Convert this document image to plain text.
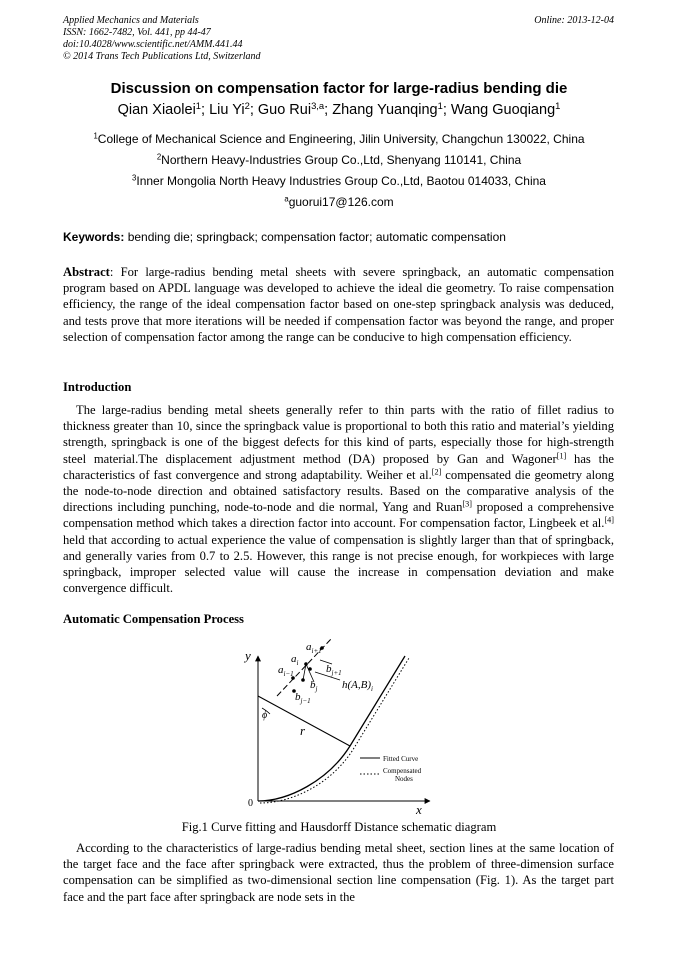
Applied Mechanics and Materials
ISSN: 1662-7482, Vol. 441, pp 44-47
doi:10.4028/www.scientific.net/AMM.441.44
© 2014 Trans Tech Publications Ltd, Switzerland
Online: 2013-12-04
Discussion on compensation factor for large-radius bending die
Qian Xiaolei$^1$; Liu Yi$^2$; Guo Rui$^{3,a}$; Zhang Yuanqing$^1$; Wang Guoqiang$^1$
$^1$College of Mechanical Science and Engineering, Jilin University, Changchun 130022, China
$^2$Northern Heavy-Industries Group Co.,Ltd, Shenyang 110141, China
$^3$Inner Mongolia North Heavy Industries Group Co.,Ltd, Baotou 014033, China
$^a$guorui17@126.com
Keywords: bending die; springback; compensation factor; automatic compensation
Abstract: For large-radius bending metal sheets with severe springback, an automatic compensation program based on APDL language was developed to achieve the ideal die geometry. To raise compensation efficiency, the range of the ideal compensation factor based on one-step springback analysis was deduced, and tests prove that more iterations will be needed if compensation factor was beyond the range, and proper selection of compensation factor among the range can be conducive to high compensation efficiency.
Introduction
The large-radius bending metal sheets generally refer to thin parts with the ratio of fillet radius to thickness greater than 10, since the springback value is proportional to both this ratio and material’s yielding strength, springback is one of the biggest defects for this kind of parts, especially those for high-strength steel material.The displacement adjustment method (DA) proposed by Gan and Wagoner[1] has the characteristics of fast convergence and strong adaptability. Weiher et al.[2] compensated die geometry along the node-to-node direction and obtained satisfactory results. Based on the comparative analysis of the directions including punching, node-to-node and die normal, Yang and Ruan[3] proposed a comprehensive compensation method which takes a direction factor into account. For compensation factor, Lingbeek et al.[4] held that according to actual experience the value of compensation is slightly larger than that of springback, and generally varies from 0.7 to 2.5. However, this range is not precise enough, for workpieces with large springback, improper selected value will cause the increase in compensation deviation and make convergence difficult.
Automatic Compensation Process
y
x
0
r
ϕ
$a_{i+1}$
$a_i$
$a_{i-1}$	$b_{j+1}$
$b_j$
$b_{j-1}$
$h(A,B)_i$
Fitted Curve
Compensated
Nodes
Fig.1 Curve fitting and Hausdorff Distance schematic diagram
According to the characteristics of large-radius bending metal sheet, section lines at the same location of the target face and the face after springback were extracted, thus the problem of three-dimension surface compensation can be simplified as two-dimensional section line compensation (Fig. 1). As the target part face and the part face after springback are node sets in the
